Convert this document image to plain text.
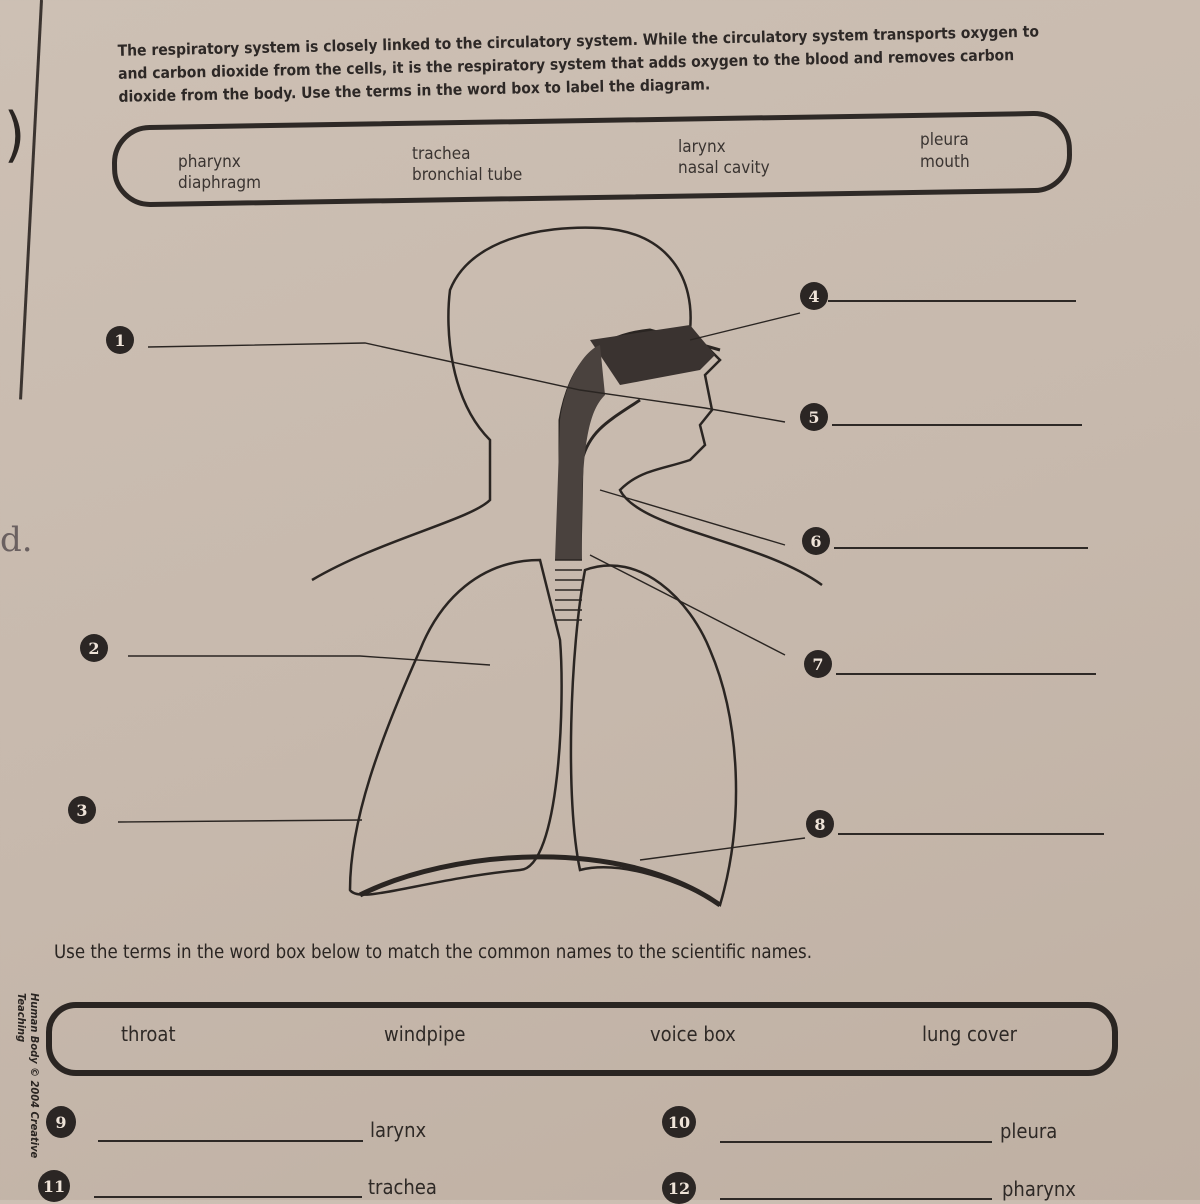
)
d.
Human Body © 2004 Creative Teaching
The respiratory system is closely linked to the circulatory system. While the circulatory system transports oxygen to and carbon dioxide from the cells, it is the respiratory system that adds oxygen to the blood and removes carbon dioxide from the body. Use the terms in the word box to label the diagram.
pharynx
diaphragm
trachea
bronchial tube
larynx
nasal cavity
pleura
mouth
1
2
3
4
5
6
7
8
Use the terms in the word box below to match the common names to the scientific names.
throat	windpipe	voice box	lung cover
9	larynx	10	pleura
11	trachea	12	pharynx
